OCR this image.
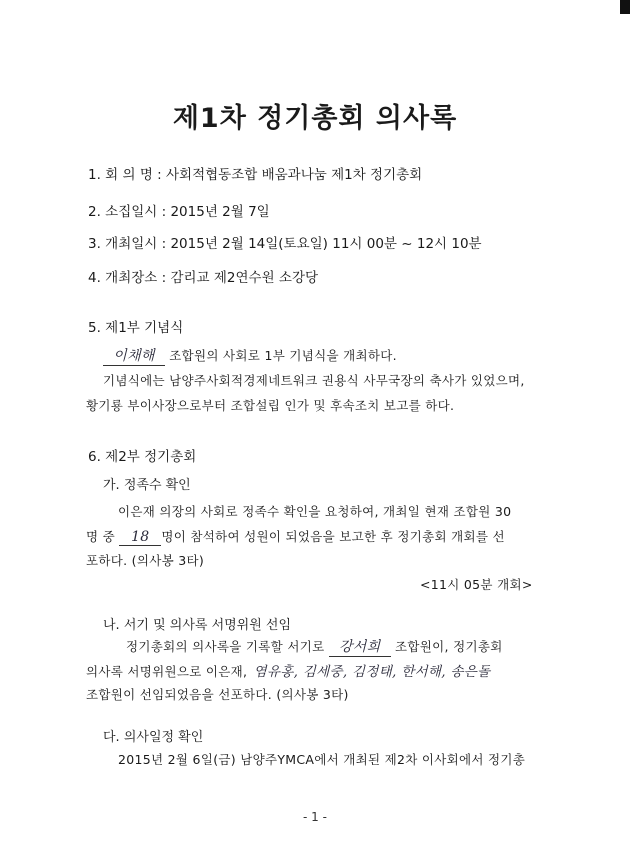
제1차 정기총회 의사록
1. 회 의 명 : 사회적협동조합 배움과나눔 제1차 정기총회
2. 소집일시 : 2015년 2월 7일
3. 개최일시 : 2015년 2월 14일(토요일) 11시 00분 ~ 12시 10분
4. 개최장소 : 감리교 제2연수원 소강당
5. 제1부 기념식
이채해 조합원의 사회로 1부 기념식을 개최하다.
기념식에는 남양주사회적경제네트워크 권용식 사무국장의 축사가 있었으며,
황기룡 부이사장으로부터 조합설립 인가 및 후속조치 보고를 하다.
6. 제2부 정기총회
가. 정족수 확인
이은재 의장의 사회로 정족수 확인을 요청하여, 개최일 현재 조합원 30
명 중 18 명이 참석하여 성원이 되었음을 보고한 후 정기총회 개회를 선
포하다. (의사봉 3타)
<11시 05분 개회>
나. 서기 및 의사록 서명위원 선임
정기총회의 의사록을 기록할 서기로 강서희 조합원이, 정기총회
의사록 서명위원으로 이은재, 염유홍, 김세중, 김정태, 한서해, 송은돌
조합원이 선임되었음을 선포하다. (의사봉 3타)
다. 의사일정 확인
2015년 2월 6일(금) 남양주YMCA에서 개최된 제2차 이사회에서 정기총
- 1 -
